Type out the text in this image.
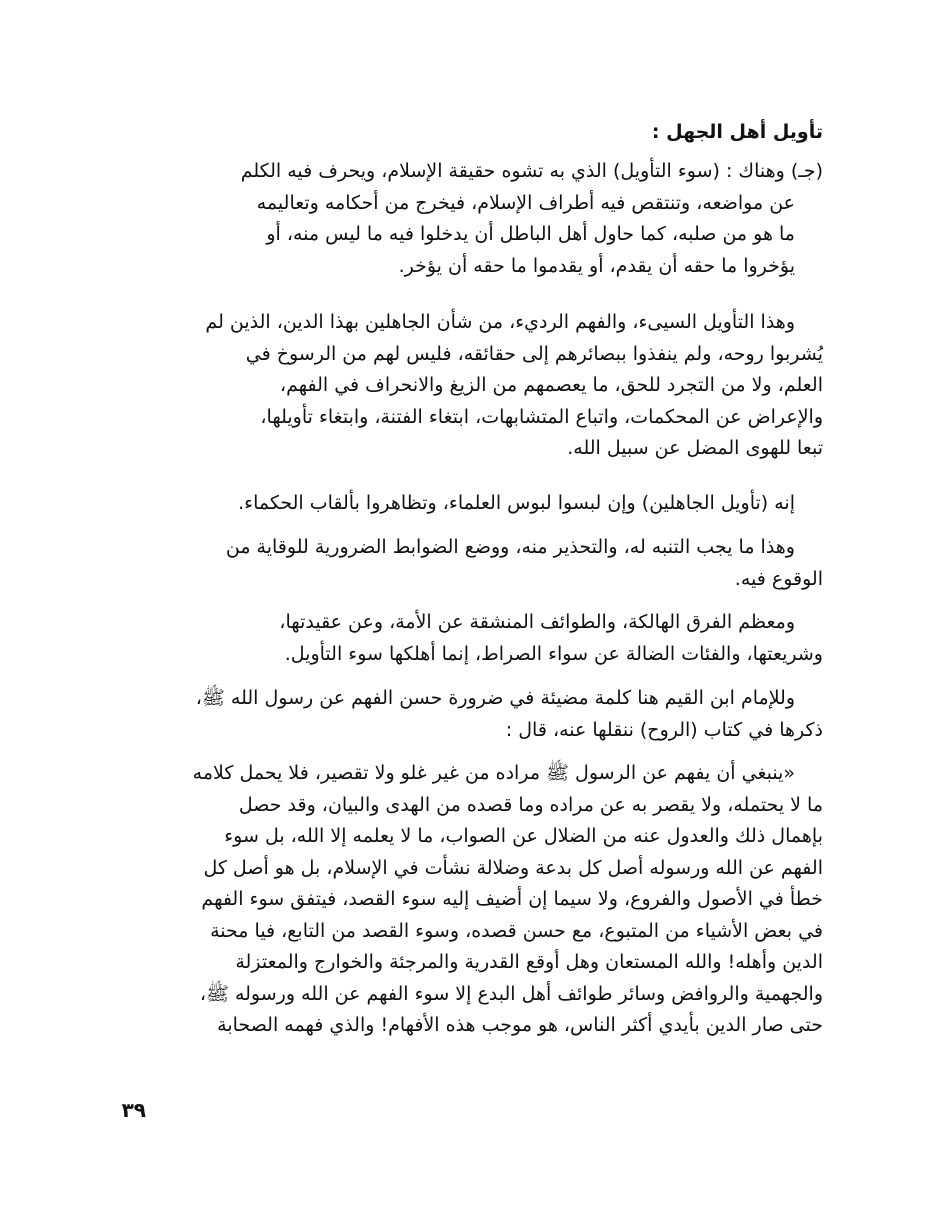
تأويل أهل الجهل :
(جـ) وهناك : (سوء التأويل) الذي به تشوه حقيقة الإسلام، ويحرف فيه الكلم
عن مواضعه، وتنتقص فيه أطراف الإسلام، فيخرج من أحكامه وتعاليمه
ما هو من صلبه، كما حاول أهل الباطل أن يدخلوا فيه ما ليس منه، أو
يؤخروا ما حقه أن يقدم، أو يقدموا ما حقه أن يؤخر.
وهذا التأويل السيىء، والفهم الرديء، من شأن الجاهلين بهذا الدين، الذين لم
يُشربوا روحه، ولم ينفذوا ببصائرهم إلى حقائقه، فليس لهم من الرسوخ في
العلم، ولا من التجرد للحق، ما يعصمهم من الزيغ والانحراف في الفهم،
والإعراض عن المحكمات، واتباع المتشابهات، ابتغاء الفتنة، وابتغاء تأويلها،
تبعا للهوى المضل عن سبيل الله.
إنه (تأويل الجاهلين) وإن لبسوا لبوس العلماء، وتظاهروا بألقاب الحكماء.
وهذا ما يجب التنبه له، والتحذير منه، ووضع الضوابط الضرورية للوقاية من
الوقوع فيه.
ومعظم الفرق الهالكة، والطوائف المنشقة عن الأمة، وعن عقيدتها،
وشريعتها، والفئات الضالة عن سواء الصراط، إنما أهلكها سوء التأويل.
وللإمام ابن القيم هنا كلمة مضيئة في ضرورة حسن الفهم عن رسول الله ﷺ،
ذكرها في كتاب (الروح) ننقلها عنه، قال :
«ينبغي أن يفهم عن الرسول ﷺ مراده من غير غلو ولا تقصير، فلا يحمل كلامه
ما لا يحتمله، ولا يقصر به عن مراده وما قصده من الهدى والبيان، وقد حصل
بإهمال ذلك والعدول عنه من الضلال عن الصواب، ما لا يعلمه إلا الله، بل سوء
الفهم عن الله ورسوله أصل كل بدعة وضلالة نشأت في الإسلام، بل هو أصل كل
خطأ في الأصول والفروع، ولا سيما إن أضيف إليه سوء القصد، فيتفق سوء الفهم
في بعض الأشياء من المتبوع، مع حسن قصده، وسوء القصد من التابع، فيا محنة
الدين وأهله! والله المستعان وهل أوقع القدرية والمرجئة والخوارج والمعتزلة
والجهمية والروافض وسائر طوائف أهل البدع إلا سوء الفهم عن الله ورسوله ﷺ،
حتى صار الدين بأيدي أكثر الناس، هو موجب هذه الأفهام! والذي فهمه الصحابة
٣٩
